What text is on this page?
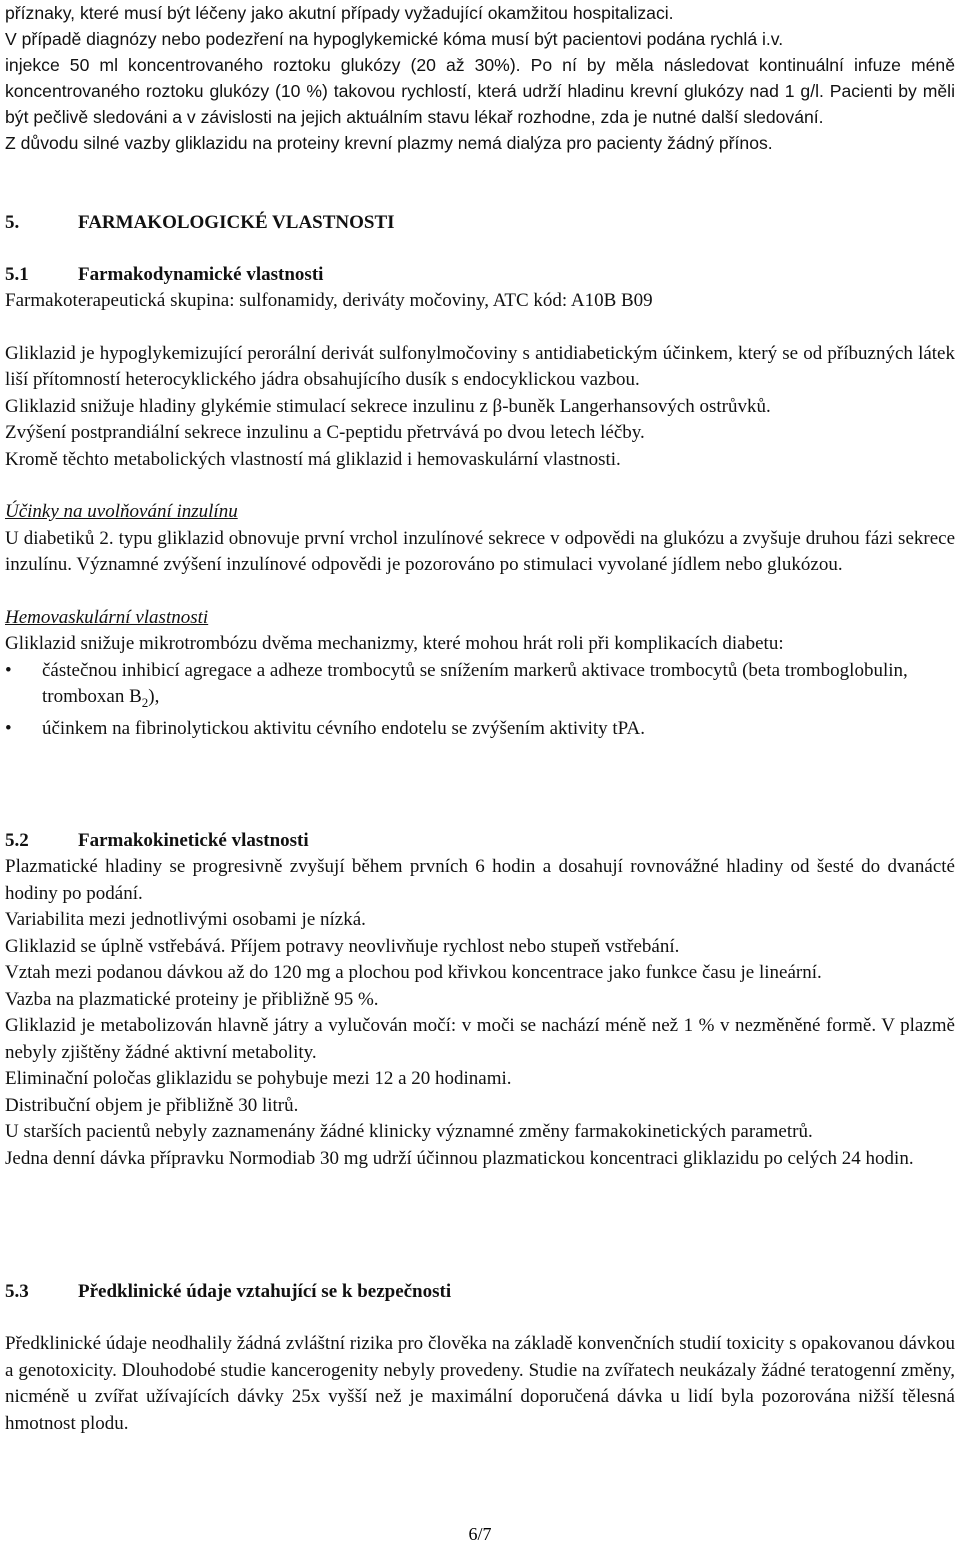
příznaky, které musí být léčeny jako akutní případy vyžadující okamžitou hospitalizaci.

V případě diagnózy nebo podezření na hypoglykemické kóma musí být pacientovi podána rychlá i.v.

injekce 50 ml koncentrovaného roztoku glukózy (20 až 30%). Po ní by měla následovat kontinuální infuze méně koncentrovaného roztoku glukózy (10 %) takovou rychlostí, která udrží hladinu krevní glukózy nad 1 g/l. Pacienti by měli být pečlivě sledováni a v závislosti na jejich aktuálním stavu lékař rozhodne, zda je nutné další sledování.

Z důvodu silné vazby gliklazidu na proteiny krevní plazmy nemá dialýza pro pacienty žádný přínos.

5.	FARMAKOLOGICKÉ VLASTNOSTI
5.1	Farmakodynamické vlastnosti

Farmakoterapeutická skupina: sulfonamidy, deriváty močoviny, ATC kód: A10B B09

Gliklazid je hypoglykemizující perorální derivát sulfonylmočoviny s antidiabetickým účinkem, který se od příbuzných látek liší přítomností heterocyklického jádra obsahujícího dusík s endocyklickou vazbou.

Gliklazid snižuje hladiny glykémie stimulací sekrece inzulinu z β-buněk Langerhansových ostrůvků.

Zvýšení postprandiální sekrece inzulinu a C-peptidu přetrvává po dvou letech léčby.

Kromě těchto metabolických vlastností má gliklazid i hemovaskulární vlastnosti.

Účinky na uvolňování inzulínu

U diabetiků 2. typu gliklazid obnovuje první vrchol inzulínové sekrece v odpovědi na glukózu a zvyšuje druhou fázi sekrece inzulínu. Významné zvýšení inzulínové odpovědi je pozorováno po stimulaci vyvolané jídlem nebo glukózou.

Hemovaskulární vlastnosti

Gliklazid snižuje mikrotrombózu dvěma mechanizmy, které mohou hrát roli při komplikacích diabetu:

• částečnou inhibicí agregace a adheze trombocytů se snížením markerů aktivace trombocytů (beta tromboglobulin, tromboxan $B_2$),
• účinkem na fibrinolytickou aktivitu cévního endotelu se zvýšením aktivity tPA.
5.2	Farmakokinetické vlastnosti

Plazmatické hladiny se progresivně zvyšují během prvních 6 hodin a dosahují rovnovážné hladiny od šesté do dvanácté hodiny po podání.

Variabilita mezi jednotlivými osobami je nízká.

Gliklazid se úplně vstřebává. Příjem potravy neovlivňuje rychlost nebo stupeň vstřebání.

Vztah mezi podanou dávkou až do 120 mg a plochou pod křivkou koncentrace jako funkce času je lineární.

Vazba na plazmatické proteiny je přibližně 95 %.

Gliklazid je metabolizován hlavně játry a vylučován močí: v moči se nachází méně než 1 % v nezměněné formě. V plazmě nebyly zjištěny žádné aktivní metabolity.

Eliminační poločas gliklazidu se pohybuje mezi 12 a 20 hodinami.

Distribuční objem je přibližně 30 litrů.

U starších pacientů nebyly zaznamenány žádné klinicky významné změny farmakokinetických parametrů.

Jedna denní dávka přípravku Normodiab 30 mg udrží účinnou plazmatickou koncentraci gliklazidu po celých 24 hodin.

5.3	Předklinické údaje vztahující se k bezpečnosti

Předklinické údaje neodhalily žádná zvláštní rizika pro člověka na základě konvenčních studií toxicity s opakovanou dávkou a genotoxicity. Dlouhodobé studie kancerogenity nebyly provedeny. Studie na zvířatech neukázaly žádné teratogenní změny, nicméně u zvířat užívajících dávky 25x vyšší než je maximální doporučená dávka u lidí byla pozorována nižší tělesná hmotnost plodu.

6/7
